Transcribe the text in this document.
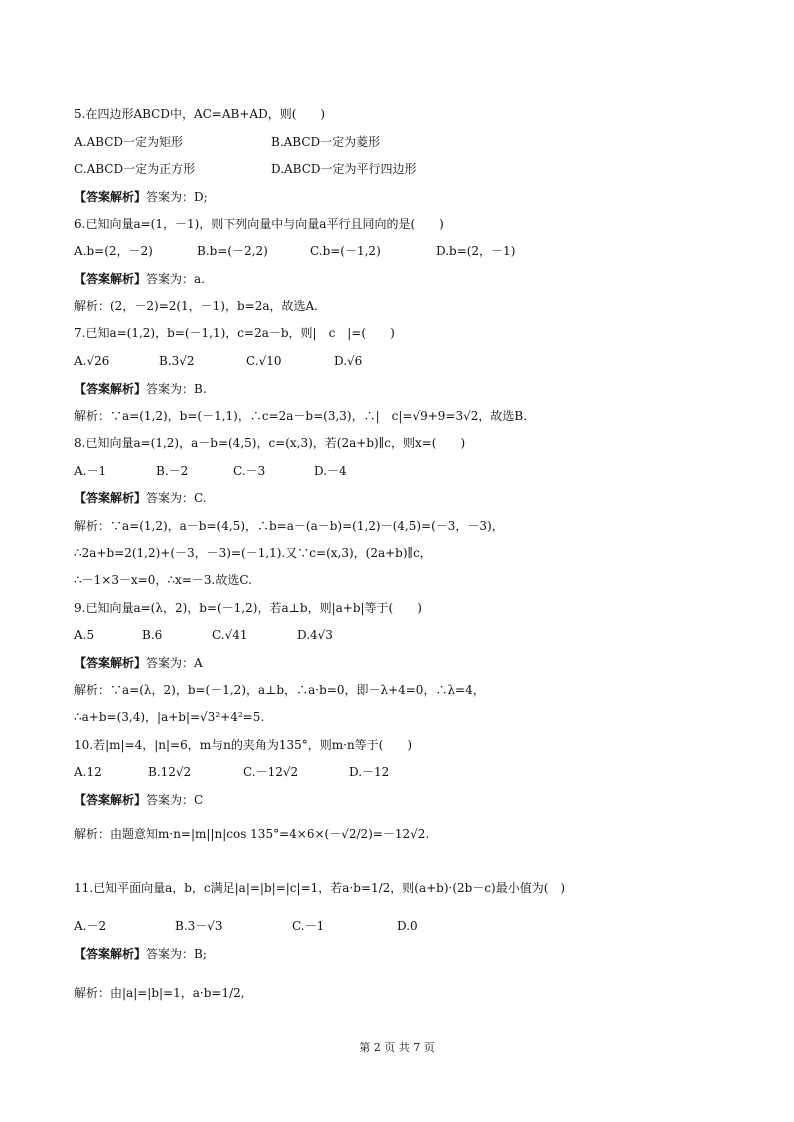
5.在四边形ABCD中，AC=AB+AD，则(　　)
A.ABCD一定为矩形	B.ABCD一定为菱形
C.ABCD一定为正方形	D.ABCD一定为平行四边形
【答案解析】答案为：D;
6.已知向量a=(1，－1)，则下列向量中与向量a平行且同向的是(　　)
A.b=(2，－2)	B.b=(－2,2)	C.b=(－1,2)	D.b=(2，－1)
【答案解析】答案为：a.
解析：(2，－2)=2(1，－1)，b=2a，故选A.
7.已知a=(1,2)，b=(－1,1)，c=2a－b，则|　c　|=(　　)
A.√26	B.3√2	C.√10	D.√6
【答案解析】答案为：B.
解析：∵a=(1,2)，b=(－1,1)，∴c=2a－b=(3,3)，∴|　c|=√9+9=3√2，故选B.
8.已知向量a=(1,2)，a－b=(4,5)，c=(x,3)，若(2a+b)∥c，则x=(　　)
A.－1	B.－2	C.－3	D.－4
【答案解析】答案为：C.
解析：∵a=(1,2)，a－b=(4,5)，∴b=a－(a－b)=(1,2)－(4,5)=(－3，－3)，
∴2a+b=2(1,2)+(－3，－3)=(－1,1).又∵c=(x,3)，(2a+b)∥c，
∴－1×3－x=0，∴x=－3.故选C.
9.已知向量a=(λ，2)，b=(－1,2)，若a⊥b，则|a+b|等于(　　)
A.5	B.6	C.√41	D.4√3
【答案解析】答案为：A
解析：∵a=(λ，2)，b=(－1,2)，a⊥b，∴a·b=0，即－λ+4=0，∴λ=4，
∴a+b=(3,4)，|a+b|=√3²+4²=5.
10.若|m|=4，|n|=6，m与n的夹角为135°，则m·n等于(　　)
A.12	B.12√2	C.－12√2	D.－12
【答案解析】答案为：C
解析：由题意知m·n=|m||n|cos 135°=4×6×(－√2/2)=－12√2.
11.已知平面向量a，b，c满足|a|=|b|=|c|=1，若a·b=1/2，则(a+b)·(2b－c)最小值为(　)
A.－2	B.3－√3	C.－1	D.0
【答案解析】答案为：B;
解析：由|a|=|b|=1，a·b=1/2,
第 2 页 共 7 页
